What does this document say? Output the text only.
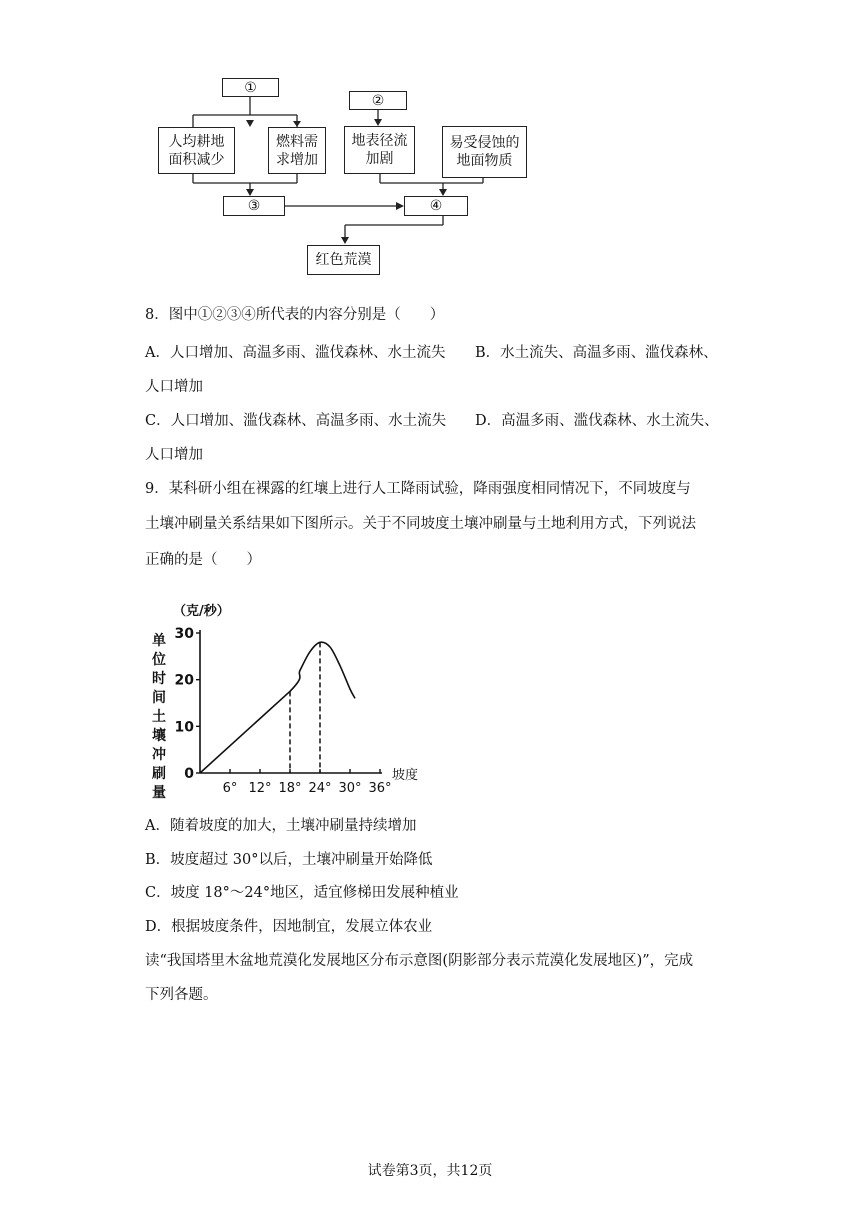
①
②
人均耕地
面积减少
燃料需
求增加
地表径流
加剧
易受侵蚀的
地面物质
③	④
红色荒漠
8．图中①②③④所代表的内容分别是（　　）
A．人口增加、高温多雨、滥伐森林、水土流失 B．水土流失、高温多雨、滥伐森林、
人口增加
C．人口增加、滥伐森林、高温多雨、水土流失 D．高温多雨、滥伐森林、水土流失、
人口增加
9．某科研小组在裸露的红壤上进行人工降雨试验，降雨强度相同情况下，不同坡度与
土壤冲刷量关系结果如下图所示。关于不同坡度土壤冲刷量与土地利用方式，下列说法
正确的是（　　）
（克/秒）
单
位
时
间
土
壤
冲
刷
量
0
10
20
30
6° 12° 18° 24° 30° 36°
坡度
A．随着坡度的加大，土壤冲刷量持续增加
B．坡度超过 30°以后，土壤冲刷量开始降低
C．坡度 18°～24°地区，适宜修梯田发展种植业
D．根据坡度条件，因地制宜，发展立体农业
读“我国塔里木盆地荒漠化发展地区分布示意图(阴影部分表示荒漠化发展地区)”，完成
下列各题。
试卷第3页，共12页
